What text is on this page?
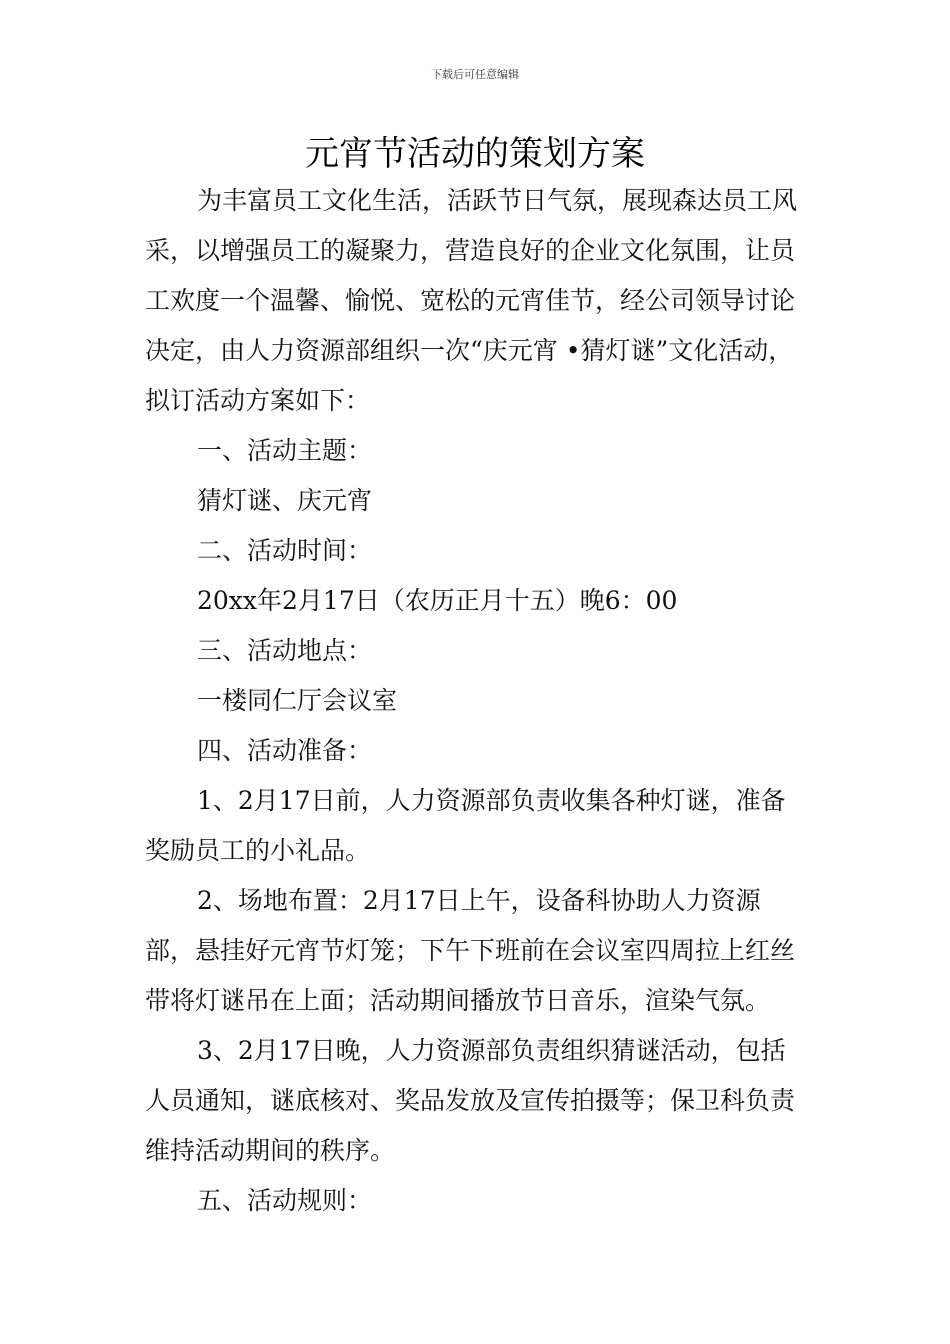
下载后可任意编辑
元宵节活动的策划方案

为丰富员工文化生活，活跃节日气氛，展现森达员工风采，以增强员工的凝聚力，营造良好的企业文化氛围，让员工欢度一个温馨、愉悦、宽松的元宵佳节，经公司领导讨论决定，由人力资源部组织一次“庆元宵 •猜灯谜”文化活动，拟订活动方案如下：

一、活动主题：

猜灯谜、庆元宵

二、活动时间：

20xx年2月17日（农历正月十五）晚6：00

三、活动地点：

一楼同仁厅会议室

四、活动准备：

1、2月17日前，人力资源部负责收集各种灯谜，准备奖励员工的小礼品。

2、场地布置：2月17日上午，设备科协助人力资源部，悬挂好元宵节灯笼；下午下班前在会议室四周拉上红丝带将灯谜吊在上面；活动期间播放节日音乐，渲染气氛。

3、2月17日晚，人力资源部负责组织猜谜活动，包括人员通知，谜底核对、奖品发放及宣传拍摄等；保卫科负责维持活动期间的秩序。

五、活动规则：
